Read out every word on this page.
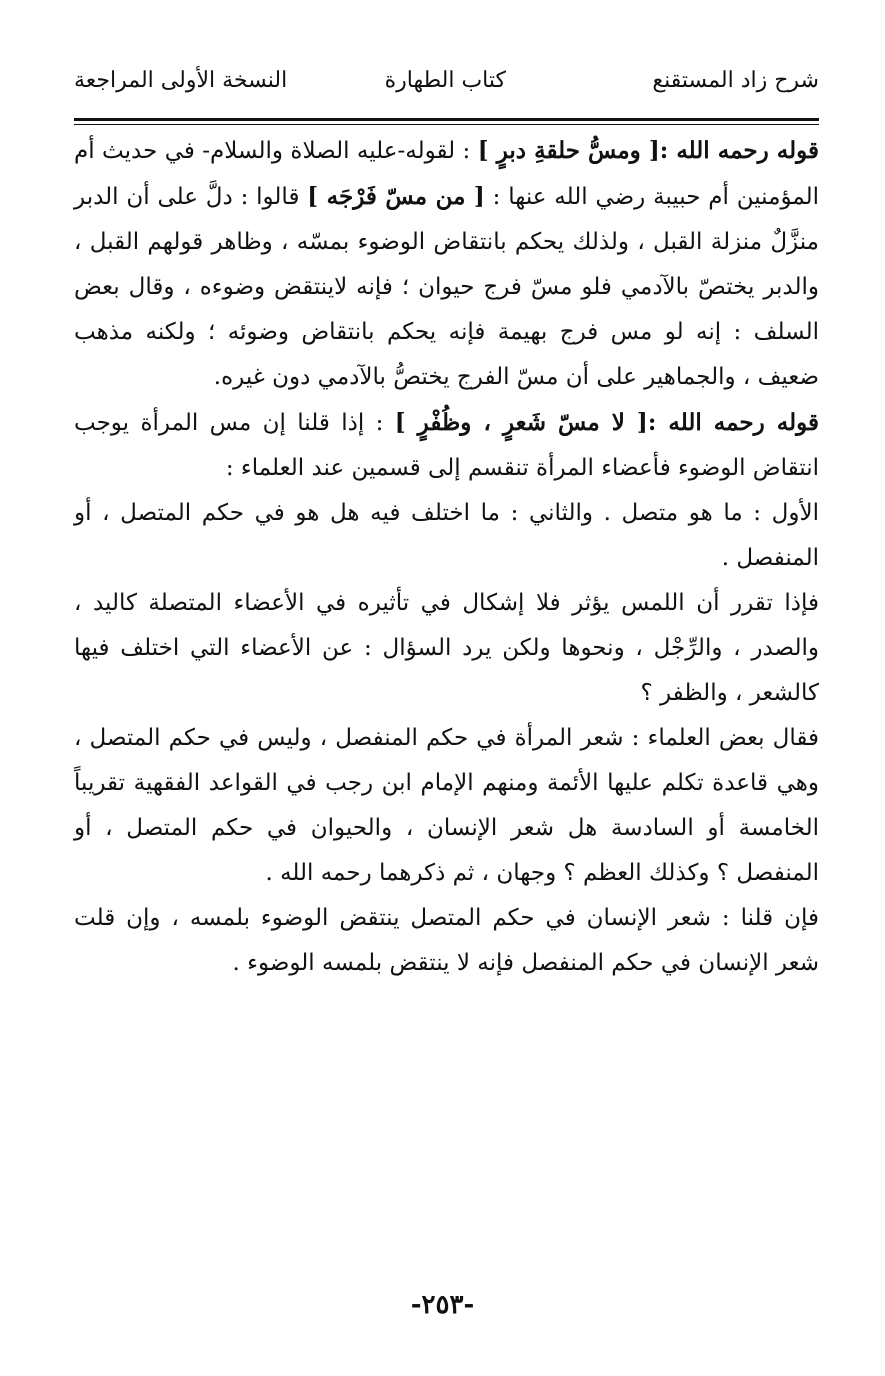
شرح زاد المستقنع
كتاب الطهارة
النسخة الأولى المراجعة

قوله رحمه الله :[ ومسُّ حلقةِ دبرٍ ] : لقوله-عليه الصلاة والسلام- في حديث أم المؤمنين أم حبيبة رضي الله عنها : [ من مسّ فَرْجَه ] قالوا : دلَّ على أن الدبر منزَّلٌ منزلة القبل ، ولذلك يحكم بانتقاض الوضوء بمسّه ، وظاهر قولهم القبل ، والدبر يختصّ بالآدمي فلو مسّ فرج حيوان ؛ فإنه لاينتقض وضوءه ، وقال بعض السلف : إنه لو مس فرج بهيمة فإنه يحكم بانتقاض وضوئه ؛ ولكنه مذهب ضعيف ، والجماهير على أن مسّ الفرج يختصُّ بالآدمي دون غيره.

قوله رحمه الله :[ لا مسّ شَعرٍ ، وظُفْرٍ ] : إذا قلنا إن مس المرأة يوجب انتقاض الوضوء فأعضاء المرأة تنقسم إلى قسمين عند العلماء :

الأول : ما هو متصل . والثاني : ما اختلف فيه هل هو في حكم المتصل ، أو المنفصل .

فإذا تقرر أن اللمس يؤثر فلا إشكال في تأثيره في الأعضاء المتصلة كاليد ، والصدر ، والرِّجْل ، ونحوها ولكن يرد السؤال : عن الأعضاء التي اختلف فيها كالشعر ، والظفر ؟

فقال بعض العلماء : شعر المرأة في حكم المنفصل ، وليس في حكم المتصل ، وهي قاعدة تكلم عليها الأئمة ومنهم الإمام ابن رجب في القواعد الفقهية تقريباً الخامسة أو السادسة هل شعر الإنسان ، والحيوان في حكم المتصل ، أو المنفصل ؟ وكذلك العظم ؟ وجهان ، ثم ذكرهما رحمه الله .

فإن قلنا : شعر الإنسان في حكم المتصل ينتقض الوضوء بلمسه ، وإن قلت شعر الإنسان في حكم المنفصل فإنه لا ينتقض بلمسه الوضوء .

-٢٥٣-
